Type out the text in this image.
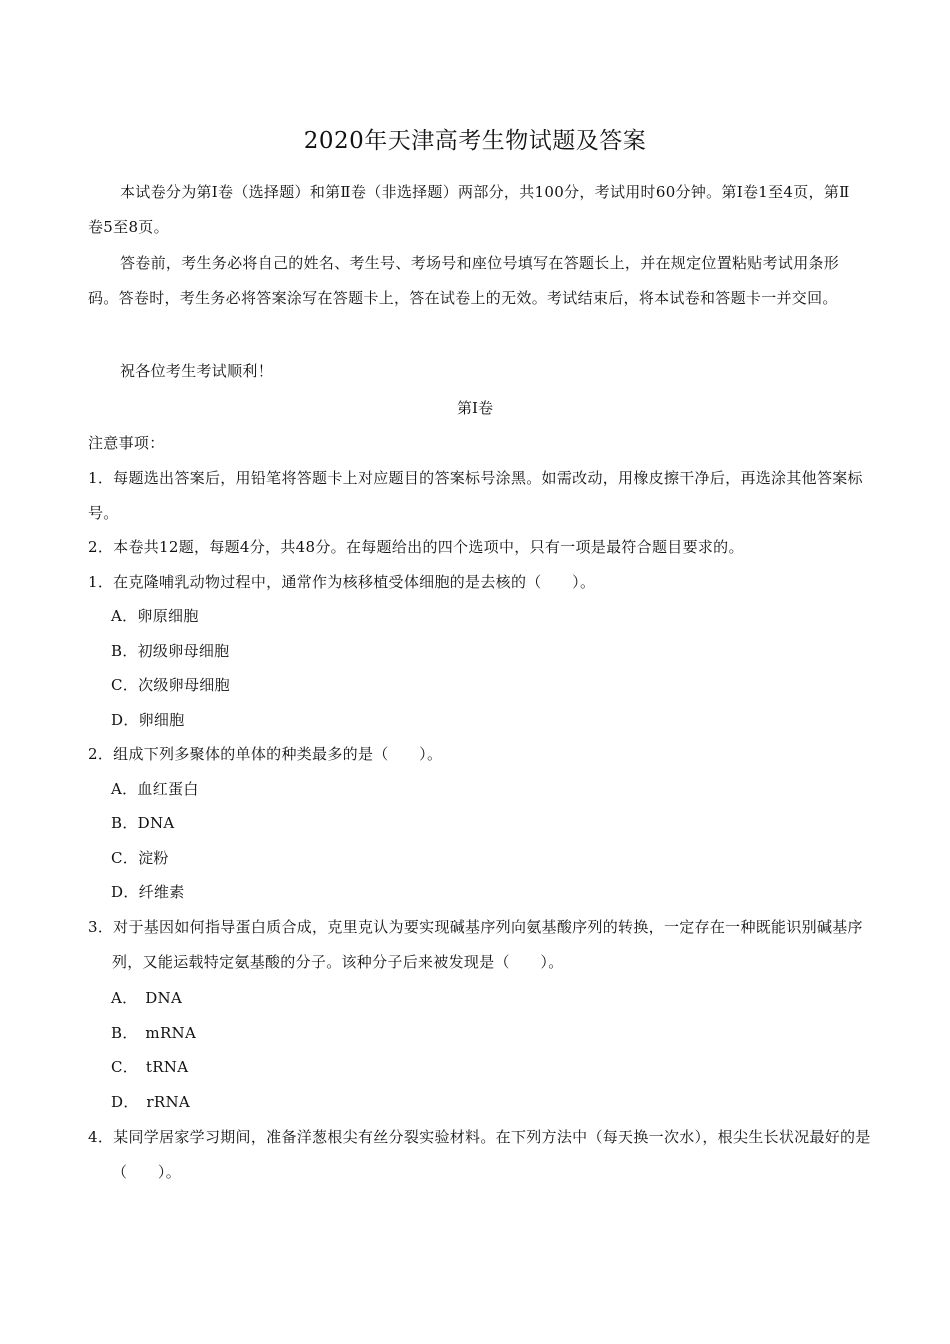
2020年天津高考生物试题及答案
本试卷分为第Ⅰ卷（选择题）和第Ⅱ卷（非选择题）两部分，共100分，考试用时60分钟。第Ⅰ卷1至4页，第Ⅱ卷5至8页。
答卷前，考生务必将自己的姓名、考生号、考场号和座位号填写在答题长上，并在规定位置粘贴考试用条形码。答卷时，考生务必将答案涂写在答题卡上，答在试卷上的无效。考试结束后，将本试卷和答题卡一并交回。
祝各位考生考试顺利！
第Ⅰ卷
注意事项：
1．每题选出答案后，用铅笔将答题卡上对应题目的答案标号涂黑。如需改动，用橡皮擦干净后，再选涂其他答案标号。
2．本卷共12题，每题4分，共48分。在每题给出的四个选项中，只有一项是最符合题目要求的。
1．在克隆哺乳动物过程中，通常作为核移植受体细胞的是去核的（　　）。
A．卵原细胞
B．初级卵母细胞
C．次级卵母细胞
D．卵细胞
2．组成下列多聚体的单体的种类最多的是（　　）。
A．血红蛋白
B．DNA
C．淀粉
D．纤维素
3．对于基因如何指导蛋白质合成，克里克认为要实现碱基序列向氨基酸序列的转换，一定存在一种既能识别碱基序列，又能运载特定氨基酸的分子。该种分子后来被发现是（　　）。
A．　DNA
B．　mRNA
C．　tRNA
D．　rRNA
4．某同学居家学习期间，准备洋葱根尖有丝分裂实验材料。在下列方法中（每天换一次水），根尖生长状况最好的是（　　）。
